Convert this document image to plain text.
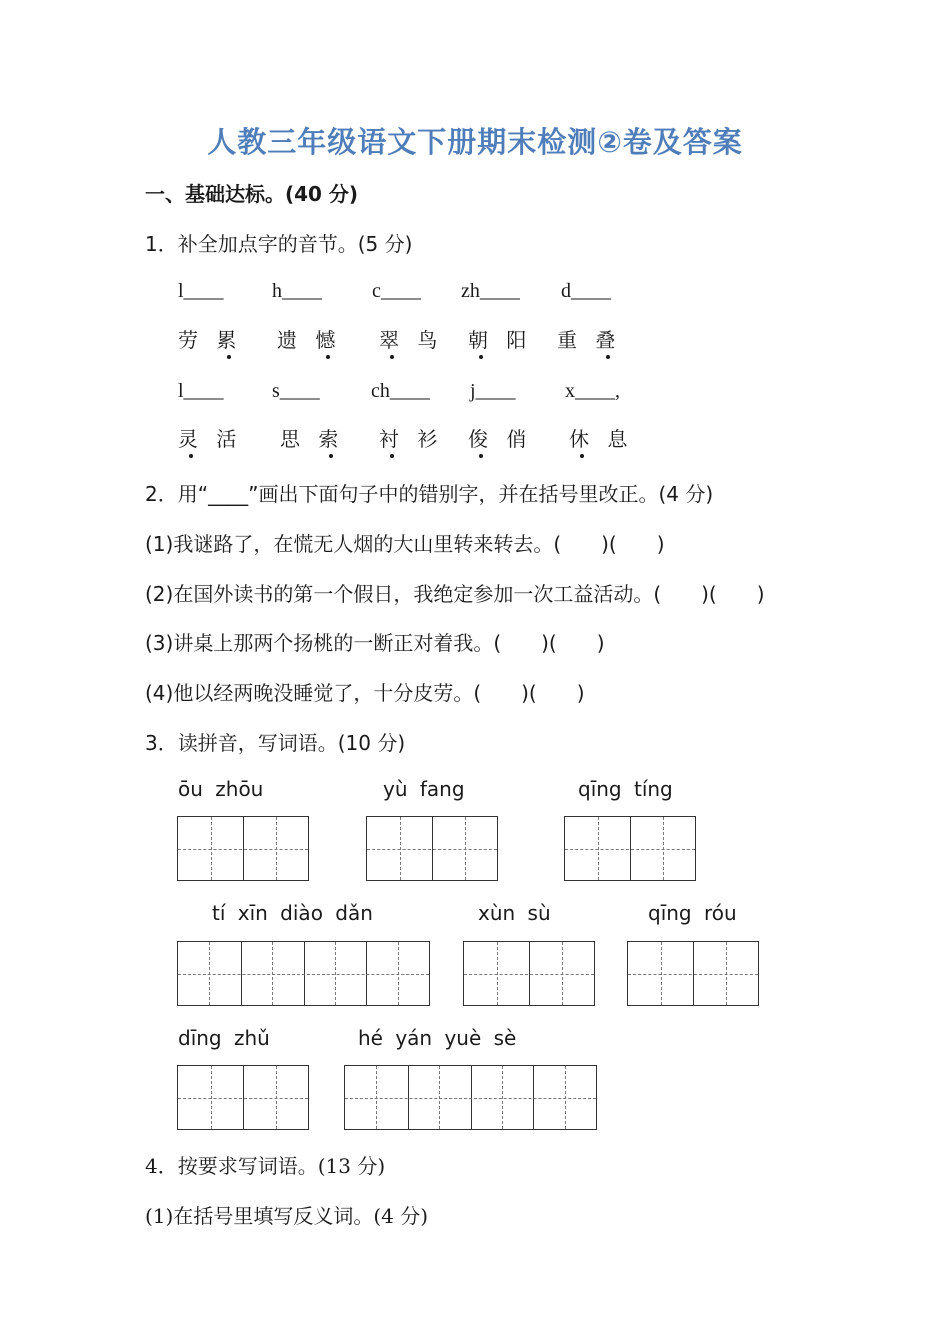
人教三年级语文下册期末检测②卷及答案
一、基础达标。(40 分)
1．补全加点字的音节。(5 分)
l____ h____	c____ zh____ d____
劳 累 遗 憾 翠 鸟 朝 阳 重 叠
l____ s____	ch____ j____ x____,
灵 活 思 索 衬 衫 俊 俏 休 息
2．用“____”画出下面句子中的错别字，并在括号里改正。(4 分)
(1)我谜路了，在慌无人烟的大山里转来转去。(　　)(　　)
(2)在国外读书的第一个假日，我绝定参加一次工益活动。(　　)(　　)
(3)讲桌上那两个扬桃的一断正对着我。(　　)(　　)
(4)他以经两晚没睡觉了，十分皮劳。(　　)(　　)
3．读拼音，写词语。(10 分)
ōu zhōu	yù fang	qīng tíng
tí xīn diào dǎn	xùn sù	qīng róu
dīng zhǔ	hé yán yuè sè
4．按要求写词语。(13 分)
(1)在括号里填写反义词。(4 分)
